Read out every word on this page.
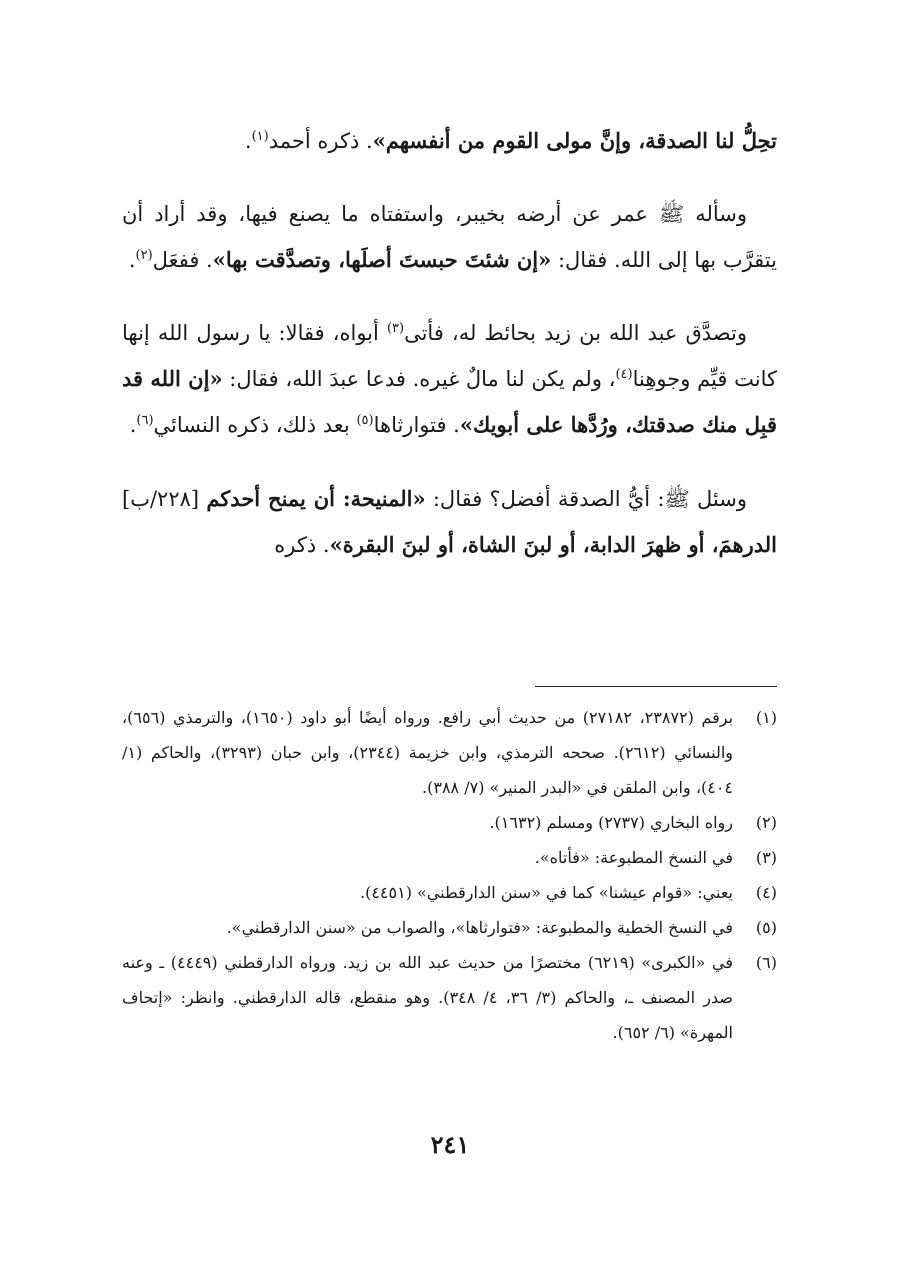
تحِلُّ لنا الصدقة، وإنَّ مولى القوم من أنفسهم». ذكره أحمد$^{(١)}$.

وسأله ﷺ عمر عن أرضه بخيبر، واستفتاه ما يصنع فيها، وقد أراد أن يتقرَّب بها إلى الله. فقال: «إن شئتَ حبستَ أصلَها، وتصدَّقت بها». ففعَل$^{(٢)}$.

وتصدَّق عبد الله بن زيد بحائط له، فأتى$^{(٣)}$ أبواه، فقالا: يا رسول الله إنها كانت قيِّم وجوهِنا$^{(٤)}$، ولم يكن لنا مالٌ غيره. فدعا عبدَ الله، فقال: «إن الله قد قبِل منك صدقتك، ورُدَّها على أبويك». فتوارثاها$^{(٥)}$ بعد ذلك، ذكره النسائي$^{(٦)}$.

وسئل ﷺ: أيُّ الصدقة أفضل؟ فقال: «المنيحة: أن يمنح أحدكم [٢٢٨/ب] الدرهمَ، أو ظهرَ الدابة، أو لبنَ الشاة، أو لبنَ البقرة». ذكره

(١)
برقم (٢٣٨٧٢، ٢٧١٨٢) من حديث أبي رافع. ورواه أيضًا أبو داود (١٦٥٠)، والترمذي (٦٥٦)، والنسائي (٢٦١٢). صححه الترمذي، وابن خزيمة (٢٣٤٤)، وابن حبان (٣٢٩٣)، والحاكم (١/ ٤٠٤)، وابن الملقن في «البدر المنير» (٧/ ٣٨٨).
(٢)
رواه البخاري (٢٧٣٧) ومسلم (١٦٣٢).
(٣)
في النسخ المطبوعة: «فأتاه».
(٤)
يعني: «قوام عيشنا» كما في «سنن الدارقطني» (٤٤٥١).
(٥)
في النسخ الخطية والمطبوعة: «فتوارثاها»، والصواب من «سنن الدارقطني».
(٦)
في «الكبرى» (٦٢١٩) مختصرًا من حديث عبد الله بن زيد. ورواه الدارقطني (٤٤٤٩) ـ وعنه صدر المصنف ـ، والحاكم (٣/ ٣٦، ٤/ ٣٤٨). وهو منقطع، قاله الدارقطني. وانظر: «إتحاف المهرة» (٦/ ٦٥٢).
٢٤١
